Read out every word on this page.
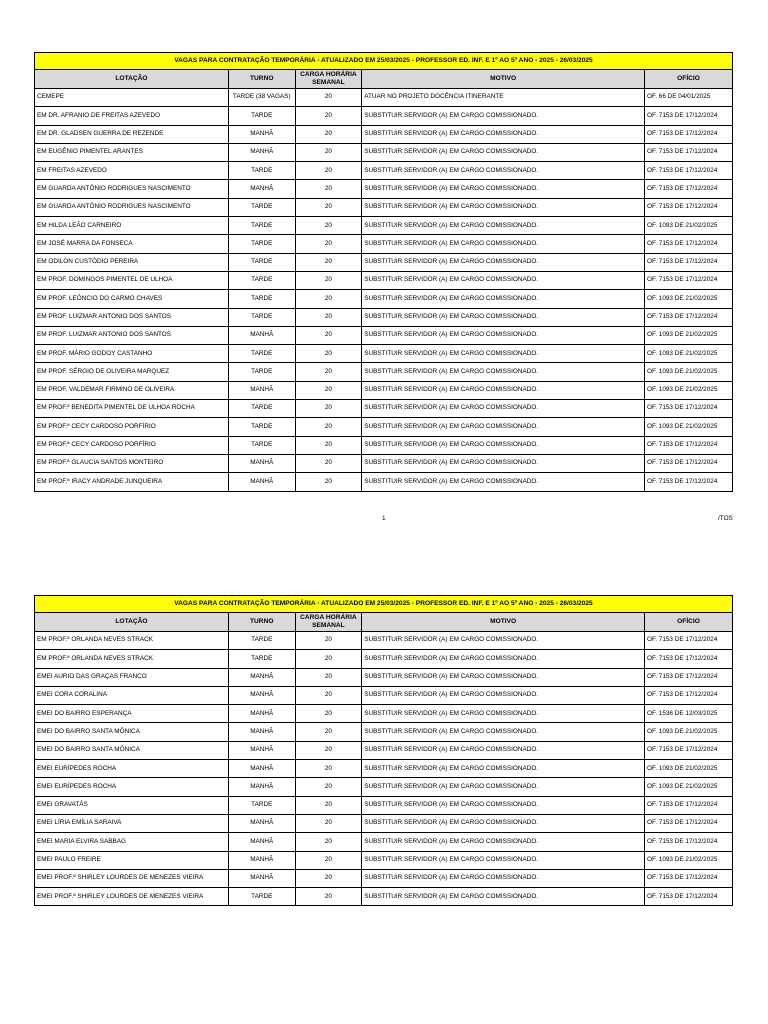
VAGAS PARA CONTRATAÇÃO TEMPORÁRIA - ATUALIZADO EM 25/03/2025 - PROFESSOR ED. INF. E 1º AO 5º ANO - 2025 - 26/03/2025				
LOTAÇÃO	TURNO	CARGA HORÁRIA SEMANAL	MOTIVO	OFÍCIO
CEMEPE	TARDE (38 VAGAS)	20	ATUAR NO PROJETO DOCÊNCIA ITINERANTE	OF. 66 DE 04/01/2025
EM DR. AFRANIO DE FREITAS AZEVEDO	TARDE	20	SUBSTITUIR SERVIDOR (A) EM CARGO COMISSIONADO.	OF. 7153 DE 17/12/2024
EM DR. GLADSEN GUERRA DE REZENDE	MANHÃ	20	SUBSTITUIR SERVIDOR (A) EM CARGO COMISSIONADO.	OF. 7153 DE 17/12/2024
EM EUGÊNIO PIMENTEL ARANTES	MANHÃ	20	SUBSTITUIR SERVIDOR (A) EM CARGO COMISSIONADO.	OF. 7153 DE 17/12/2024
EM FREITAS AZEVEDO	TARDE	20	SUBSTITUIR SERVIDOR (A) EM CARGO COMISSIONADO.	OF. 7153 DE 17/12/2024
EM GUARDA ANTÔNIO RODRIGUES NASCIMENTO	MANHÃ	20	SUBSTITUIR SERVIDOR (A) EM CARGO COMISSIONADO.	OF. 7153 DE 17/12/2024
EM GUARDA ANTÔNIO RODRIGUES NASCIMENTO	TARDE	20	SUBSTITUIR SERVIDOR (A) EM CARGO COMISSIONADO.	OF. 7153 DE 17/12/2024
EM HILDA LEÃO CARNEIRO	TARDE	20	SUBSTITUIR SERVIDOR (A) EM CARGO COMISSIONADO.	OF. 1093 DE 21/02/2025
EM JOSÉ MARRA DA FONSECA	TARDE	20	SUBSTITUIR SERVIDOR (A) EM CARGO COMISSIONADO.	OF. 7153 DE 17/12/2024
EM ODILON CUSTÓDIO PEREIRA	TARDE	20	SUBSTITUIR SERVIDOR (A) EM CARGO COMISSIONADO.	OF. 7153 DE 17/12/2024
EM PROF. DOMINGOS PIMENTEL DE ULHOA	TARDE	20	SUBSTITUIR SERVIDOR (A) EM CARGO COMISSIONADO.	OF. 7153 DE 17/12/2024
EM PROF. LEÔNCIO DO CARMO CHAVES	TARDE	20	SUBSTITUIR SERVIDOR (A) EM CARGO COMISSIONADO.	OF. 1093 DE 21/02/2025
EM PROF. LUIZMAR ANTONIO DOS SANTOS	TARDE	20	SUBSTITUIR SERVIDOR (A) EM CARGO COMISSIONADO.	OF. 7153 DE 17/12/2024
EM PROF. LUIZMAR ANTONIO DOS SANTOS	MANHÃ	20	SUBSTITUIR SERVIDOR (A) EM CARGO COMISSIONADO.	OF. 1093 DE 21/02/2025
EM PROF. MÁRIO GODOY CASTANHO	TARDE	20	SUBSTITUIR SERVIDOR (A) EM CARGO COMISSIONADO.	OF. 1093 DE 21/02/2025
EM PROF. SÉRGIO DE OLIVEIRA MARQUEZ	TARDE	20	SUBSTITUIR SERVIDOR (A) EM CARGO COMISSIONADO.	OF. 1093 DE 21/02/2025
EM PROF. VALDEMAR FIRMINO DE OLIVEIRA	MANHÃ	20	SUBSTITUIR SERVIDOR (A) EM CARGO COMISSIONADO.	OF. 1093 DE 21/02/2025
EM PROF.ª BENEDITA PIMENTEL DE ULHOA ROCHA	TARDE	20	SUBSTITUIR SERVIDOR (A) EM CARGO COMISSIONADO.	OF. 7153 DE 17/12/2024
EM PROF.ª CECY CARDOSO PORFÍRIO	TARDE	20	SUBSTITUIR SERVIDOR (A) EM CARGO COMISSIONADO.	OF. 1093 DE 21/02/2025
EM PROF.ª CECY CARDOSO PORFÍRIO	TARDE	20	SUBSTITUIR SERVIDOR (A) EM CARGO COMISSIONADO.	OF. 7153 DE 17/12/2024
EM PROF.ª GLAUCIA SANTOS MONTEIRO	MANHÃ	20	SUBSTITUIR SERVIDOR (A) EM CARGO COMISSIONADO.	OF. 7153 DE 17/12/2024
EM PROF.ª IRACY ANDRADE JUNQUEIRA	MANHÃ	20	SUBSTITUIR SERVIDOR (A) EM CARGO COMISSIONADO.	OF. 7153 DE 17/12/2024
1	/TOS
VAGAS PARA CONTRATAÇÃO TEMPORÁRIA - ATUALIZADO EM 25/03/2025 - PROFESSOR ED. INF. E 1º AO 5º ANO - 2025 - 26/03/2025				
LOTAÇÃO	TURNO	CARGA HORÁRIA SEMANAL	MOTIVO	OFÍCIO
EM PROF.ª ORLANDA NEVES STRACK	TARDE	20	SUBSTITUIR SERVIDOR (A) EM CARGO COMISSIONADO.	OF. 7153 DE 17/12/2024
EM PROF.ª ORLANDA NEVES STRACK	TARDE	20	SUBSTITUIR SERVIDOR (A) EM CARGO COMISSIONADO.	OF. 7153 DE 17/12/2024
EMEI AURIO DAS GRAÇAS FRANCO	MANHÃ	20	SUBSTITUIR SERVIDOR (A) EM CARGO COMISSIONADO.	OF. 7153 DE 17/12/2024
EMEI CORA CORALINA	MANHÃ	20	SUBSTITUIR SERVIDOR (A) EM CARGO COMISSIONADO.	OF. 7153 DE 17/12/2024
EMEI DO BAIRRO ESPERANÇA	MANHÃ	20	SUBSTITUIR SERVIDOR (A) EM CARGO COMISSIONADO.	OF. 1536 DE 12/03/2025
EMEI DO BAIRRO SANTA MÔNICA	MANHÃ	20	SUBSTITUIR SERVIDOR (A) EM CARGO COMISSIONADO.	OF. 1093 DE 21/02/2025
EMEI DO BAIRRO SANTA MÔNICA	MANHÃ	20	SUBSTITUIR SERVIDOR (A) EM CARGO COMISSIONADO.	OF. 7153 DE 17/12/2024
EMEI EURÍPEDES ROCHA	MANHÃ	20	SUBSTITUIR SERVIDOR (A) EM CARGO COMISSIONADO.	OF. 1093 DE 21/02/2025
EMEI EURÍPEDES ROCHA	MANHÃ	20	SUBSTITUIR SERVIDOR (A) EM CARGO COMISSIONADO.	OF. 1093 DE 21/02/2025
EMEI GRAVATÁS	TARDE	20	SUBSTITUIR SERVIDOR (A) EM CARGO COMISSIONADO.	OF. 7153 DE 17/12/2024
EMEI LÍRIA EMÍLIA SARAIVA	MANHÃ	20	SUBSTITUIR SERVIDOR (A) EM CARGO COMISSIONADO.	OF. 7153 DE 17/12/2024
EMEI MARIA ELVIRA SABBAG	MANHÃ	20	SUBSTITUIR SERVIDOR (A) EM CARGO COMISSIONADO.	OF. 7153 DE 17/12/2024
EMEI PAULO FREIRE	MANHÃ	20	SUBSTITUIR SERVIDOR (A) EM CARGO COMISSIONADO.	OF. 1093 DE 21/02/2025
EMEI PROF.ª SHIRLEY LOURDES DE MENEZES VIEIRA	MANHÃ	20	SUBSTITUIR SERVIDOR (A) EM CARGO COMISSIONADO.	OF. 7153 DE 17/12/2024
EMEI PROF.ª SHIRLEY LOURDES DE MENEZES VIEIRA	TARDE	20	SUBSTITUIR SERVIDOR (A) EM CARGO COMISSIONADO.	OF. 7153 DE 17/12/2024
